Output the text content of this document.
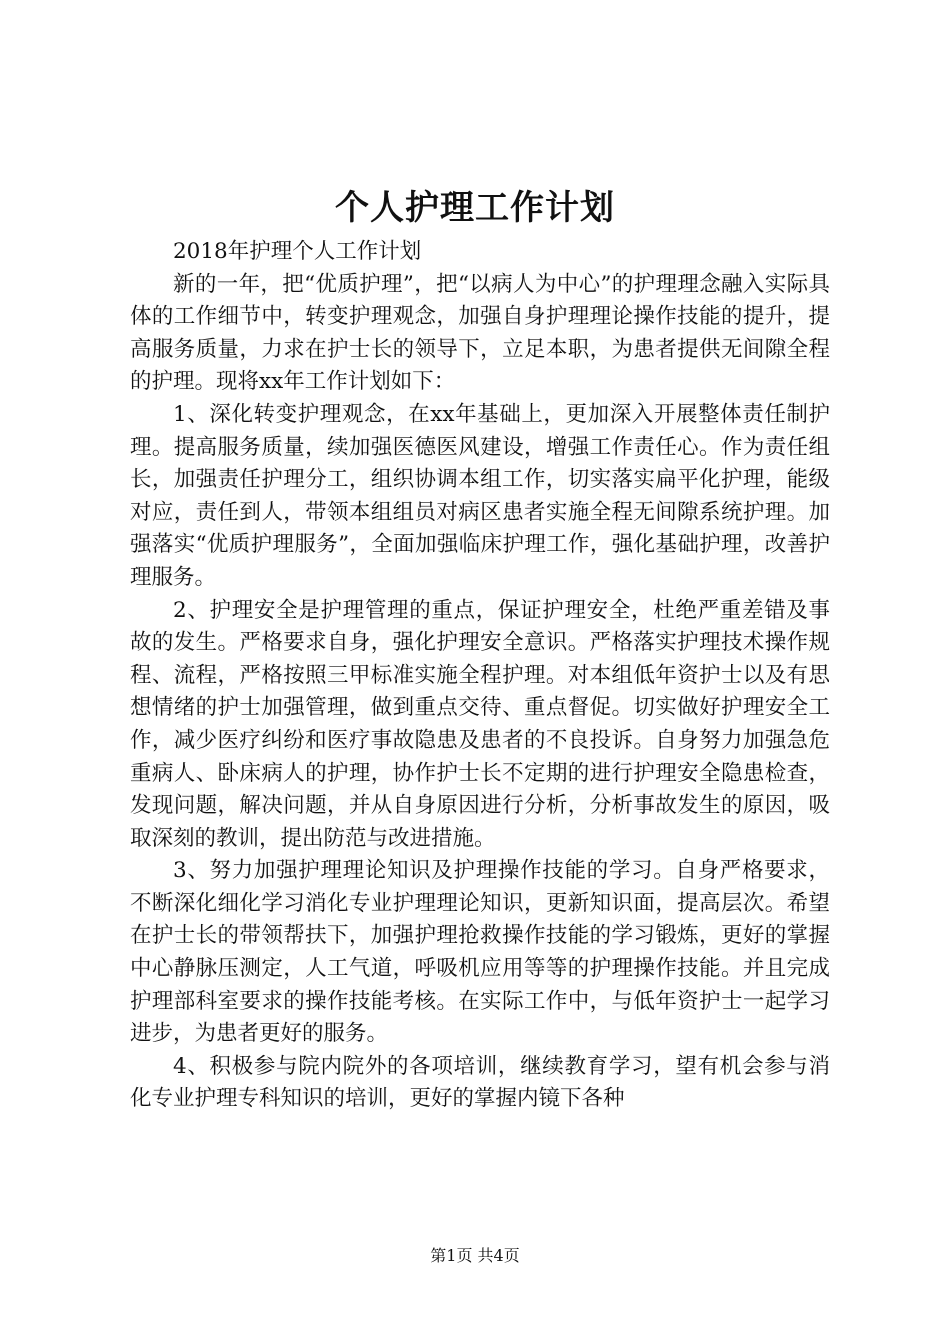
个人护理工作计划

2018年护理个人工作计划

新的一年，把“优质护理”，把“以病人为中心”的护理理念融入实际具体的工作细节中，转变护理观念，加强自身护理理论操作技能的提升，提高服务质量，力求在护士长的领导下，立足本职，为患者提供无间隙全程的护理。现将xx年工作计划如下：

1、深化转变护理观念，在xx年基础上，更加深入开展整体责任制护理。提高服务质量，续加强医德医风建设，增强工作责任心。作为责任组长，加强责任护理分工，组织协调本组工作，切实落实扁平化护理，能级对应，责任到人，带领本组组员对病区患者实施全程无间隙系统护理。加强落实“优质护理服务”，全面加强临床护理工作，强化基础护理，改善护理服务。

2、护理安全是护理管理的重点，保证护理安全，杜绝严重差错及事故的发生。严格要求自身，强化护理安全意识。严格落实护理技术操作规程、流程，严格按照三甲标准实施全程护理。对本组低年资护士以及有思想情绪的护士加强管理，做到重点交待、重点督促。切实做好护理安全工作，减少医疗纠纷和医疗事故隐患及患者的不良投诉。自身努力加强急危重病人、卧床病人的护理，协作护士长不定期的进行护理安全隐患检查，发现问题，解决问题，并从自身原因进行分析，分析事故发生的原因，吸取深刻的教训，提出防范与改进措施。

3、努力加强护理理论知识及护理操作技能的学习。自身严格要求，不断深化细化学习消化专业护理理论知识，更新知识面，提高层次。希望在护士长的带领帮扶下，加强护理抢救操作技能的学习锻炼，更好的掌握中心静脉压测定，人工气道，呼吸机应用等等的护理操作技能。并且完成护理部科室要求的操作技能考核。在实际工作中，与低年资护士一起学习进步，为患者更好的服务。

4、积极参与院内院外的各项培训，继续教育学习，望有机会参与消化专业护理专科知识的培训，更好的掌握内镜下各种

第1页 共4页
